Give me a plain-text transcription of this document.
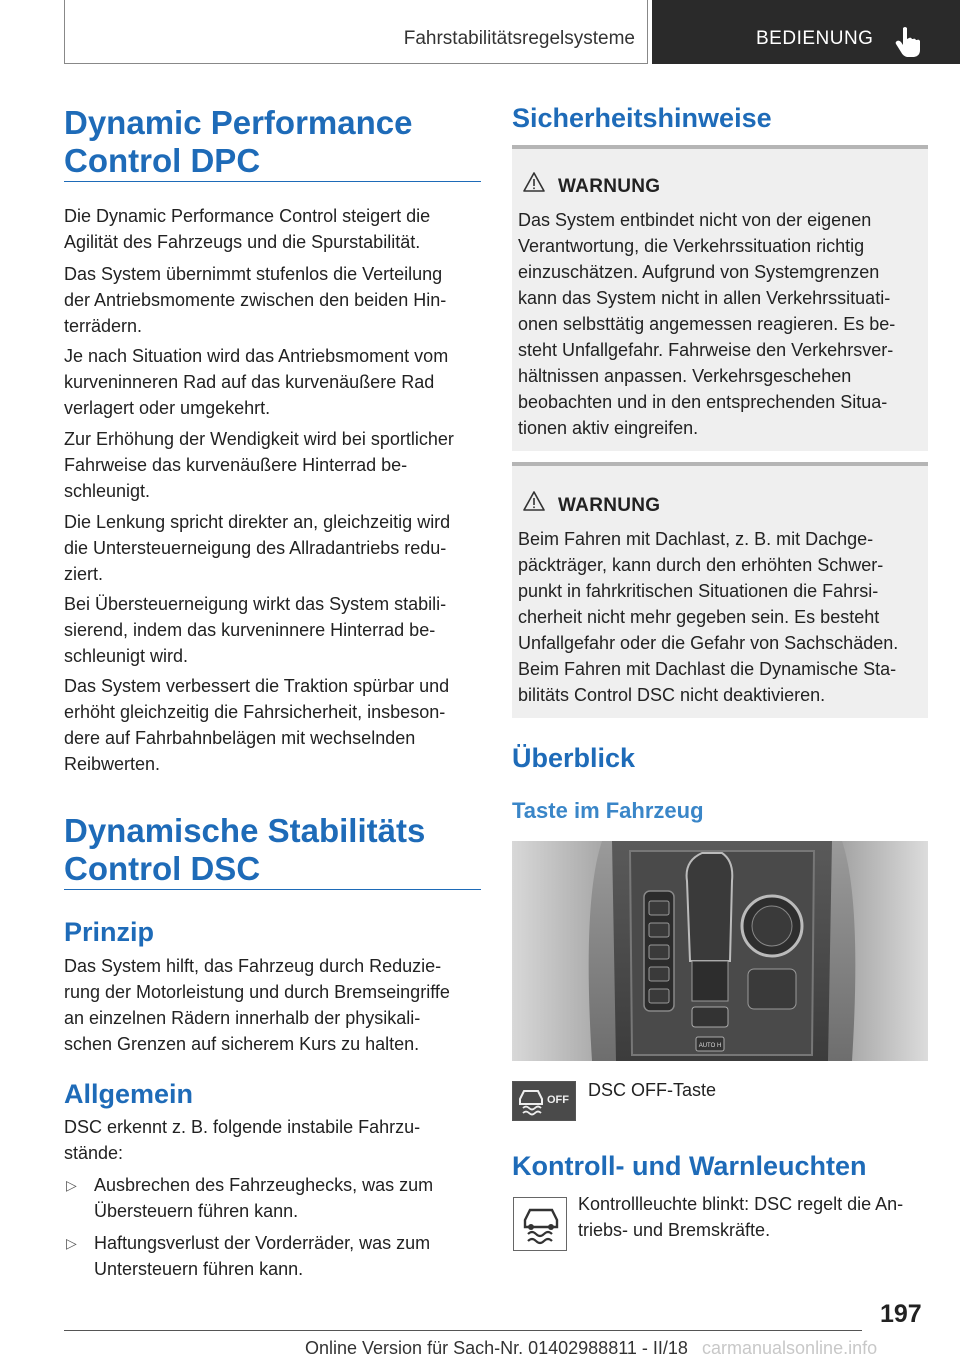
Fahrstabilitätsregelsysteme	BEDIENUNG
Dynamic Performance
Control DPC
Die Dynamic Performance Control steigert die
Agilität des Fahrzeugs und die Spurstabilität.
Das System übernimmt stufenlos die Verteilung
der Antriebsmomente zwischen den beiden Hin-
terrädern.
Je nach Situation wird das Antriebsmoment vom
kurveninneren Rad auf das kurvenäußere Rad
verlagert oder umgekehrt.
Zur Erhöhung der Wendigkeit wird bei sportlicher
Fahrweise das kurvenäußere Hinterrad be-
schleunigt.
Die Lenkung spricht direkter an, gleichzeitig wird
die Untersteuerneigung des Allradantriebs redu-
ziert.
Bei Übersteuerneigung wirkt das System stabili-
sierend, indem das kurveninnere Hinterrad be-
schleunigt wird.
Das System verbessert die Traktion spürbar und
erhöht gleichzeitig die Fahrsicherheit, insbeson-
dere auf Fahrbahnbelägen mit wechselnden
Reibwerten.
Dynamische Stabilitäts
Control DSC
Prinzip
Das System hilft, das Fahrzeug durch Reduzie-
rung der Motorleistung und durch Bremseingriffe
an einzelnen Rädern innerhalb der physikali-
schen Grenzen auf sicherem Kurs zu halten.
Allgemein
DSC erkennt z. B. folgende instabile Fahrzu-
stände:
▷ Ausbrechen des Fahrzeughecks, was zum
Übersteuern führen kann.
▷ Haftungsverlust der Vorderräder, was zum
Untersteuern führen kann.
Sicherheitshinweise
WARNUNG
Das System entbindet nicht von der eigenen
Verantwortung, die Verkehrssituation richtig
einzuschätzen. Aufgrund von Systemgrenzen
kann das System nicht in allen Verkehrssituati-
onen selbsttätig angemessen reagieren. Es be-
steht Unfallgefahr. Fahrweise den Verkehrsver-
hältnissen anpassen. Verkehrsgeschehen
beobachten und in den entsprechenden Situa-
tionen aktiv eingreifen.
WARNUNG
Beim Fahren mit Dachlast, z. B. mit Dachge-
päckträger, kann durch den erhöhten Schwer-
punkt in fahrkritischen Situationen die Fahrsi-
cherheit nicht mehr gegeben sein. Es besteht
Unfallgefahr oder die Gefahr von Sachschäden.
Beim Fahren mit Dachlast die Dynamische Sta-
bilitäts Control DSC nicht deaktivieren.
Überblick
Taste im Fahrzeug
AUTO H
OFF DSC OFF-Taste
Kontroll- und Warnleuchten
Kontrollleuchte blinkt: DSC regelt die An-
triebs- und Bremskräfte.
197
carmanualsonline.info
Online Version für Sach-Nr. 01402988811 - II/18
